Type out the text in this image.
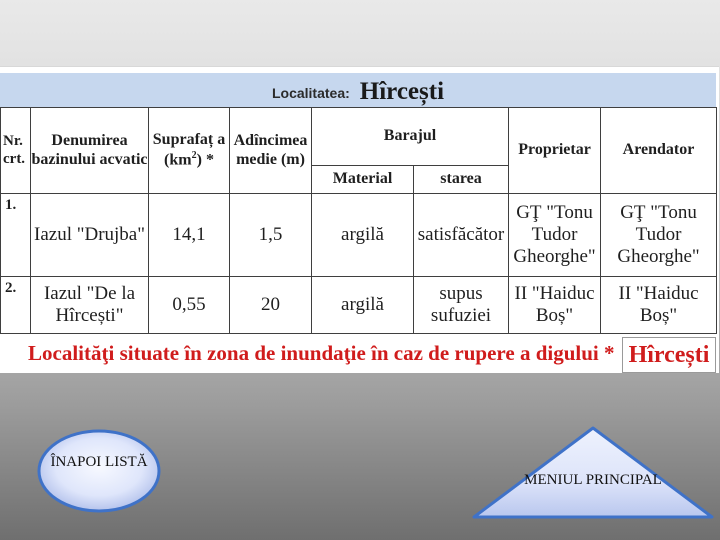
Localitatea: Hîrcești
Nr. crt.	Denumirea bazinului acvatic	Suprafaț a $(km^2)$ *	Adîncimea medie (m)	Barajul		Proprietar	Arendator
				Material	starea		
1.	Iazul "Drujba"	14,1	1,5	argilă	satisfăcător	GŢ "Tonu Tudor Gheorghe"	GŢ "Tonu Tudor Gheorghe"
2.	Iazul "De la Hîrcești"	0,55	20	argilă	supus sufuziei	II "Haiduc Boș"	II "Haiduc Boș"
Localităţi situate în zona de inundaţie în caz de rupere a digului * Hîrcești
ÎNAPOI LISTĂ
MENIUL PRINCIPAL
